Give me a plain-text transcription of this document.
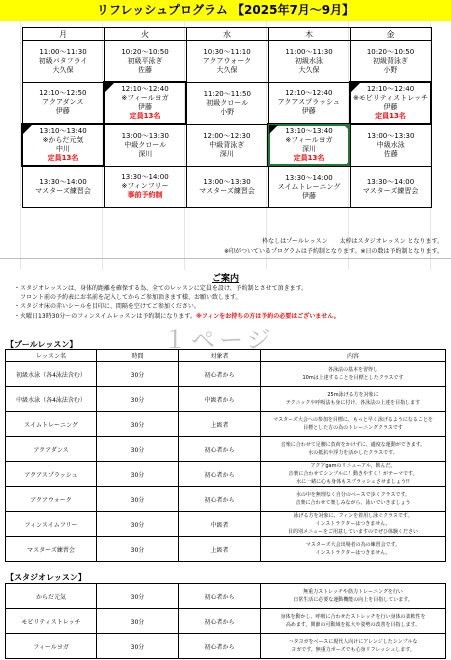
リフレッシュプログラム 【2025年7月～9月】
月	火	水	木	金

11:00～11:30
初級バタフライ
大久保	10:20～10:50
初級平泳ぎ
佐藤	10:30～11:10
アクアウォーク
大久保	11:00～11:30
初級水泳
大久保	10:20～10:50
初級背泳ぎ
小野

12:10～12:50
アクアダンス
伊藤	12:10～12:40
※フィールヨガ
伊藤
定員13名	11:20～11:50
初級クロール
小野	12:10～12:40
アクアスプラッシュ
伊藤	12:10～12:40
※モビリティストレッチ
伊藤
定員13名

13:10～13:40
※からだ元気
中川
定員13名	13:00～13:30
中級クロール
深川	12:00～12:30
中級背泳ぎ
深川	13:10～13:40
※フィールヨガ
深川
定員13名	13:00～13:30
中級水泳
佐藤

13:30～14:00
マスターズ練習会	13:30～14:00
※フィンフリー
事前予約制	13:00～13:30
マスターズ練習会	13:30～14:00
スイムトレーニング
伊藤	13:30～14:00
マスターズ練習会
枠なしはプールレッスン　　太枠はスタジオレッスン となります。
※印がついているプログラムは予約制となります。※日の数は予約制となります。
ご案内
・スタジオレッスンは、身体的距離を確保する為、全てのレッスンに定員を設け、予約制とさせて頂きます。
　フロント前の予約表にお名前を記入してからご参加頂きます様、お願い致します。
・スタジオ床の赤いシールを目印に、間隔を空けてご参加ください。
・火曜日13時30分～のフィンスイムレッスンは予約制になります。※フィンをお持ちの方は予約の必要はございません。
１ページ
【プールレッスン】
レッスン名	時間	対象者	内容
初級水泳（各4泳法含む）	30分	初心者から	各泳法の基本を習得し
10mは上達することを目標としたクラスです

中級水泳（各4泳法含む）	30分	中級者から	25m泳げる方を対象に
テクニックや呼吸法も身に付け、各泳法の上達を目指します

スイムトレーニング	30分	上級者	マスターズ大会への参加を目標に、もっと早く泳げるようになることを
目標とした方の為のトレーニングクラスです

アクアダンス	30分	初心者から	音楽に合わせて足腰に負荷をかけずに、適度な運動ができます。
水の抵抗や浮力を活かしたクラスです。

アクアスプラッシュ	30分	初心者から	アクアgamのリニューアル、飲んだ。
音楽に合わせてシンプルに！動きやすく！がテーマです。
水に一緒に心も身体もスプラッシュさせましょう!!

アクアウォーク	30分	初心者から	水の中を無理なく自分のペースで歩くクラスです。
音楽に合わせて楽しみながら、泳いでいきましょう

フィンスイムフリー	30分	中級者	泳げる方を対象に、フィンを着用し泳ぐクラスです。
インストラクターはつきません。
目的別メニューをご用意していますのでぜひ体験ください

マスターズ練習会	30分	上級者	マスターズ大会出場者の為の練習会です。
インストラクターはつきません。
【スタジオレッスン】
からだ元気	30分	初心者から	無重力ストレッチや筋力トレーニングを行い
日常生活に必要な運動機能の向上を目指しています。

モビリティストレッチ	30分	初心者から	身体を動かし、呼吸に合わせたストレッチを行い身体の柔軟性を
高めます。関節の可動域を拡大や姿勢の改善を目指します。

フィールヨガ	30分	初心者から	ハタヨガをベースに現代人向けにアレンジしたシンプルな
ヨガです。無重力ポーズでも心身リフレッシュします。
